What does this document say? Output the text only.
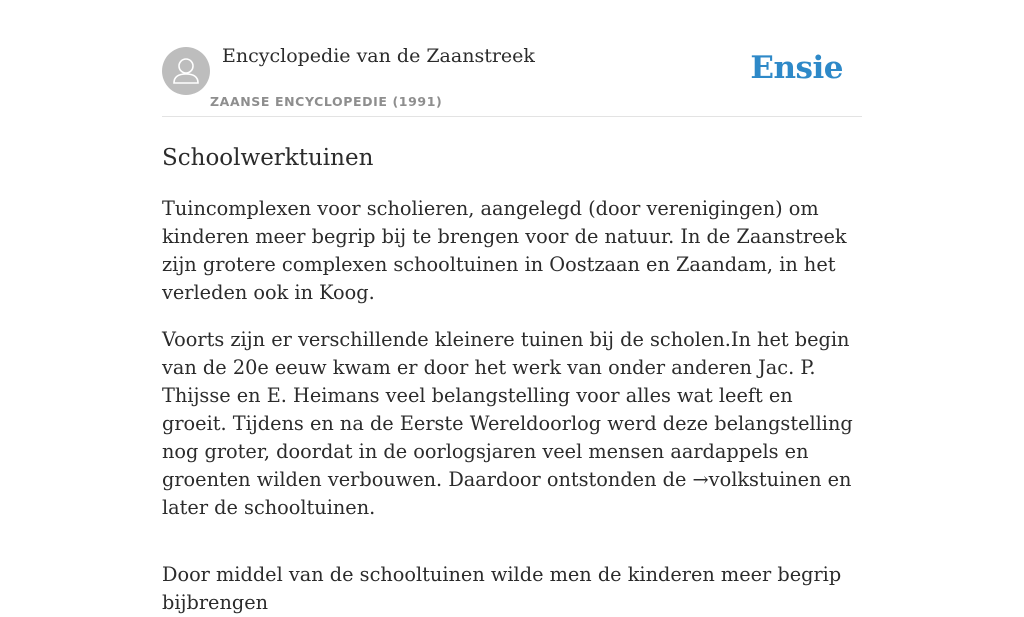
Encyclopedie van de Zaanstreek
ZAANSE ENCYCLOPEDIE (1991)
Ensie
Schoolwerktuinen

Tuincomplexen voor scholieren, aangelegd (door verenigingen) om kinderen meer begrip bij te brengen voor de natuur. In de Zaanstreek zijn grotere complexen schooltuinen in Oostzaan en Zaandam, in het verleden ook in Koog.

Voorts zijn er verschillende kleinere tuinen bij de scholen.In het begin van de 20e eeuw kwam er door het werk van onder anderen Jac. P. Thijsse en E. Heimans veel belangstelling voor alles wat leeft en groeit. Tijdens en na de Eerste Wereldoorlog werd deze belangstelling nog groter, doordat in de oorlogsjaren veel mensen aardappels en groenten wilden verbouwen. Daardoor ontstonden de →volkstuinen en later de schooltuinen.

Door middel van de schooltuinen wilde men de kinderen meer begrip bijbrengen
